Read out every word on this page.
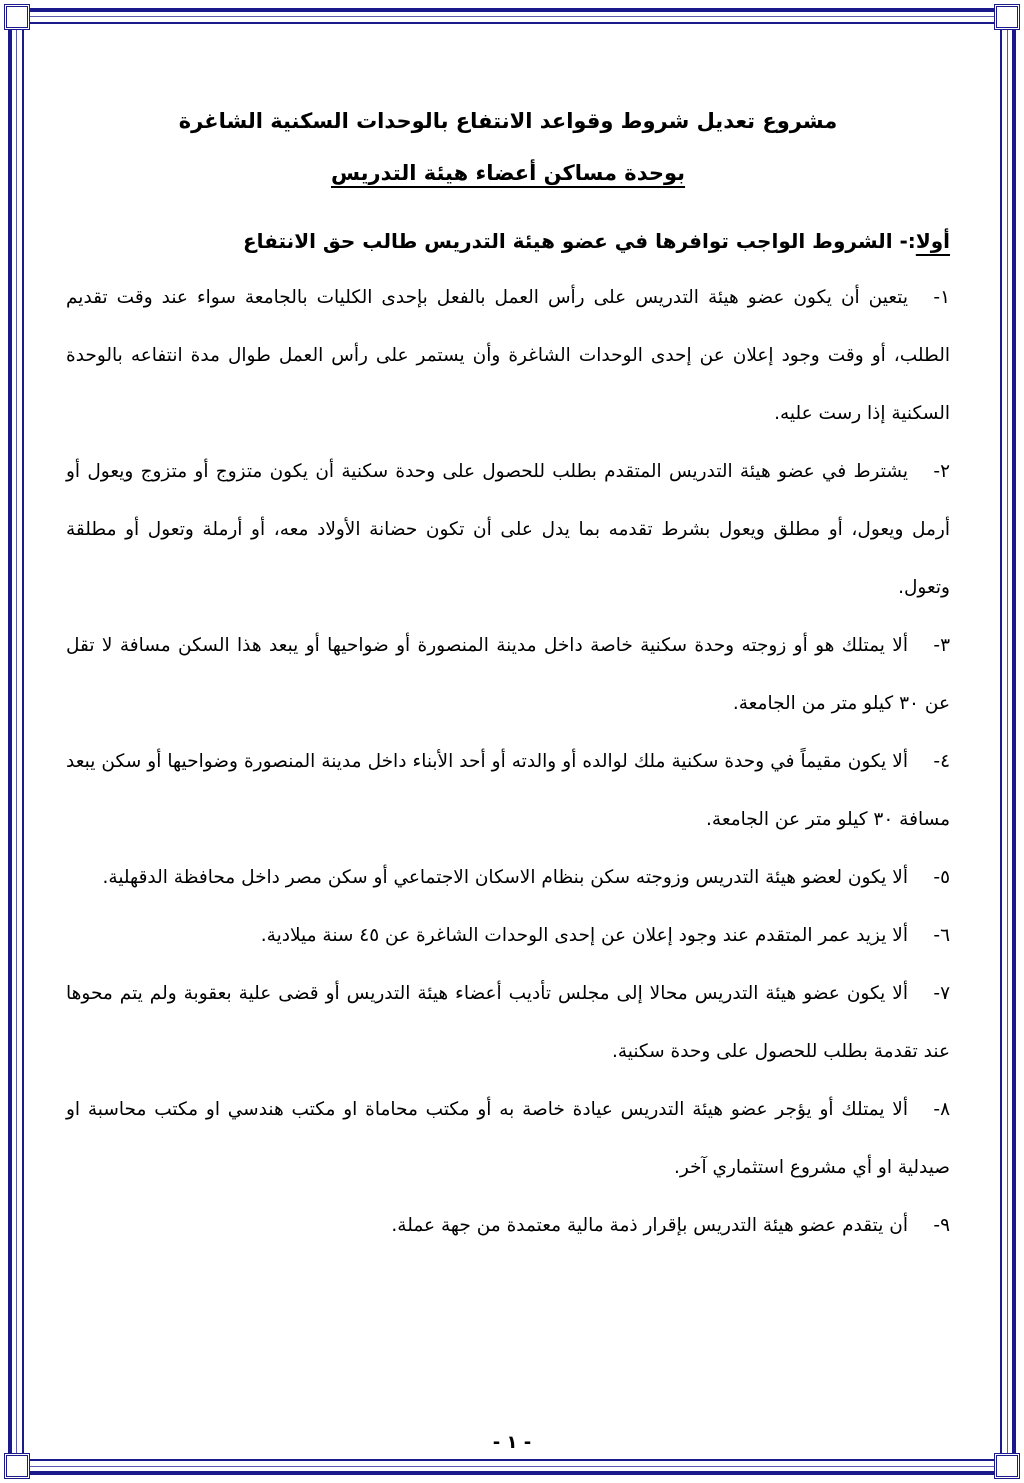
مشروع تعديل شروط وقواعد الانتفاع بالوحدات السكنية الشاغرة
بوحدة مساكن أعضاء هيئة التدريس
أولا:- الشروط الواجب توافرها في عضو هيئة التدريس طالب حق الانتفاع
١-يتعين أن يكون عضو هيئة التدريس على رأس العمل بالفعل بإحدى الكليات بالجامعة سواء عند وقت تقديم الطلب، أو وقت وجود إعلان عن إحدى الوحدات الشاغرة وأن يستمر على رأس العمل طوال مدة انتفاعه بالوحدة السكنية إذا رست عليه.
٢-يشترط في عضو هيئة التدريس المتقدم بطلب للحصول على وحدة سكنية أن يكون متزوج أو متزوج ويعول أو أرمل ويعول، أو مطلق ويعول بشرط تقدمه بما يدل على أن تكون حضانة الأولاد معه، أو أرملة وتعول أو مطلقة وتعول.
٣-ألا يمتلك هو أو زوجته وحدة سكنية خاصة داخل مدينة المنصورة أو ضواحيها أو يبعد هذا السكن مسافة لا تقل عن ٣٠ كيلو متر من الجامعة.
٤-ألا يكون مقيماً في وحدة سكنية ملك لوالده أو والدته أو أحد الأبناء داخل مدينة المنصورة وضواحيها أو سكن يبعد مسافة ٣٠ كيلو متر عن الجامعة.
٥-ألا يكون لعضو هيئة التدريس وزوجته سكن بنظام الاسكان الاجتماعي أو سكن مصر داخل محافظة الدقهلية.
٦-ألا يزيد عمر المتقدم عند وجود إعلان عن إحدى الوحدات الشاغرة عن ٤٥ سنة ميلادية.
٧-ألا يكون عضو هيئة التدريس محالا إلى مجلس تأديب أعضاء هيئة التدريس أو قضى علية بعقوبة ولم يتم محوها عند تقدمة بطلب للحصول على وحدة سكنية.
٨-ألا يمتلك أو يؤجر عضو هيئة التدريس عيادة خاصة به أو مكتب محاماة او مكتب هندسي او مكتب محاسبة او صيدلية او أي مشروع استثماري آخر.
٩-أن يتقدم عضو هيئة التدريس بإقرار ذمة مالية معتمدة من جهة عملة.
- ١ -
